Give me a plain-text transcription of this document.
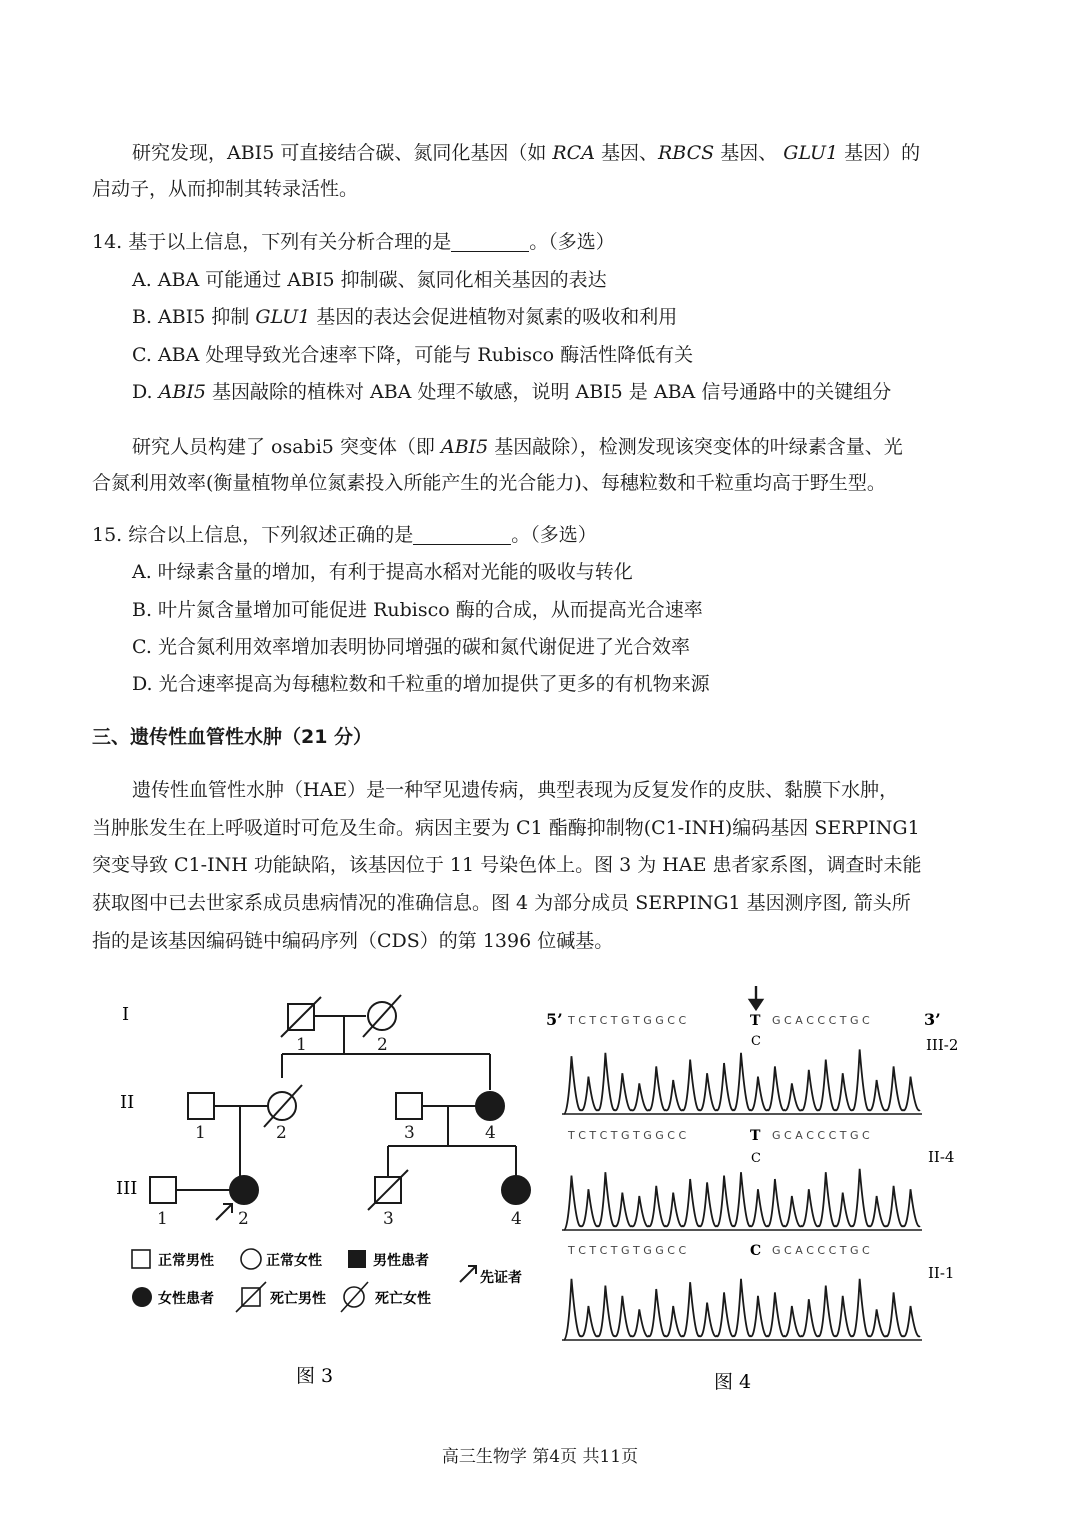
研究发现，ABI5 可直接结合碳、氮同化基因（如 RCA 基因、RBCS 基因、 GLU1 基因）的
启动子，从而抑制其转录活性。
14. 基于以上信息，下列有关分析合理的是	。（多选）
A. ABA 可能通过 ABI5 抑制碳、氮同化相关基因的表达
B. ABI5 抑制 GLU1 基因的表达会促进植物对氮素的吸收和利用
C. ABA 处理导致光合速率下降，可能与 Rubisco 酶活性降低有关
D. ABI5 基因敲除的植株对 ABA 处理不敏感，说明 ABI5 是 ABA 信号通路中的关键组分
研究人员构建了 osabi5 突变体（即 ABI5 基因敲除），检测发现该突变体的叶绿素含量、光
合氮利用效率(衡量植物单位氮素投入所能产生的光合能力)、每穗粒数和千粒重均高于野生型。
15. 综合以上信息，下列叙述正确的是	。（多选）
A. 叶绿素含量的增加，有利于提高水稻对光能的吸收与转化
B. 叶片氮含量增加可能促进 Rubisco 酶的合成，从而提高光合速率
C. 光合氮利用效率增加表明协同增强的碳和氮代谢促进了光合效率
D. 光合速率提高为每穗粒数和千粒重的增加提供了更多的有机物来源
三、遗传性血管性水肿（21 分）
遗传性血管性水肿（HAE）是一种罕见遗传病，典型表现为反复发作的皮肤、黏膜下水肿，
当肿胀发生在上呼吸道时可危及生命。病因主要为 C1 酯酶抑制物(C1-INH)编码基因 SERPING1
突变导致 C1-INH 功能缺陷，该基因位于 11 号染色体上。图 3 为 HAE 患者家系图，调查时未能
获取图中已去世家系成员患病情况的准确信息。图 4 为部分成员 SERPING1 基因测序图, 箭头所
指的是该基因编码链中编码序列（CDS）的第 1396 位碱基。
I
II
III
1	2
1	2	3	4
1	2	3	4
正常男性	正常女性	男性患者
女性患者	死亡男性	死亡女性
先证者
图 3
5’ T C T C T G T G G C C	T G C A C C C T G C	3’
C	III-2
T C T C T G T G G C C	T G C A C C C T G C
C	II-4
T C T C T G T G G C C	C G C A C C C T G C
II-1
图 4
高三生物学 第4页 共11页
